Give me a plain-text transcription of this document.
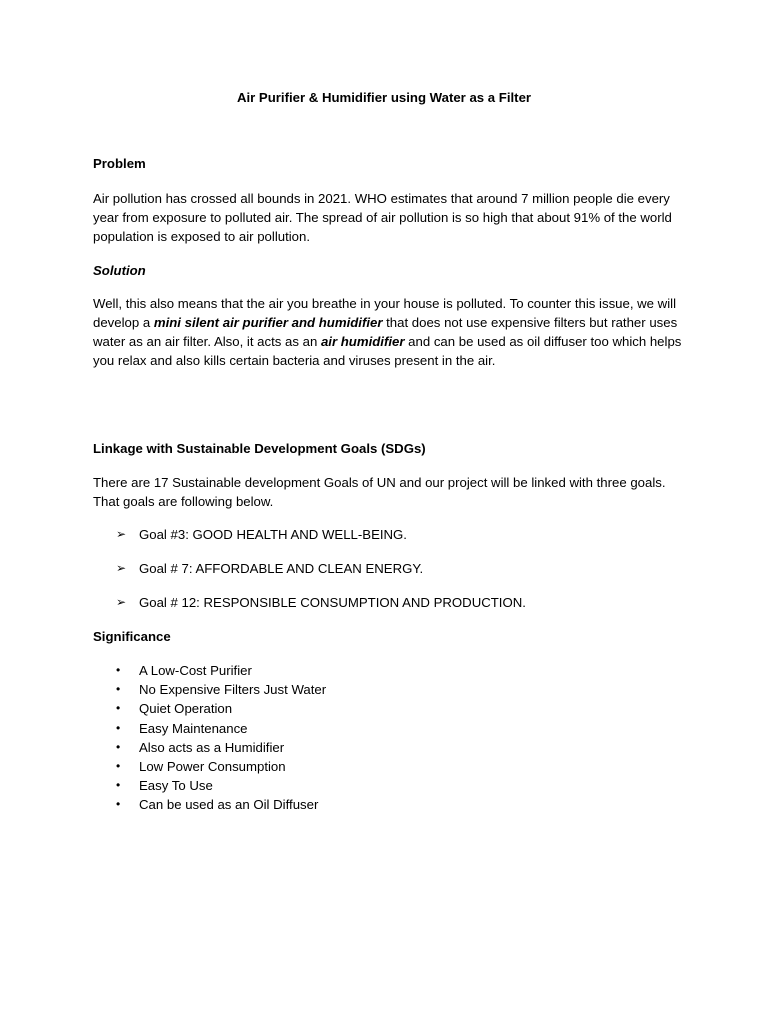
Air Purifier & Humidifier using Water as a Filter
Problem

Air pollution has crossed all bounds in 2021. WHO estimates that around 7 million people die every year from exposure to polluted air. The spread of air pollution is so high that about 91% of the world population is exposed to air pollution.

Solution

Well, this also means that the air you breathe in your house is polluted. To counter this issue, we will develop a mini silent air purifier and humidifier that does not use expensive filters but rather uses water as an air filter. Also, it acts as an air humidifier and can be used as oil diffuser too which helps you relax and also kills certain bacteria and viruses present in the air.

Linkage with Sustainable Development Goals (SDGs)

There are 17 Sustainable development Goals of UN and our project will be linked with three goals. That goals are following below.

➢ Goal #3: GOOD HEALTH AND WELL-BEING.
➢ Goal # 7: AFFORDABLE AND CLEAN ENERGY.
➢ Goal # 12: RESPONSIBLE CONSUMPTION AND PRODUCTION.
Significance
•	A Low-Cost Purifier
•	No Expensive Filters Just Water
•	Quiet Operation
•	Easy Maintenance
•	Also acts as a Humidifier
•	Low Power Consumption
•	Easy To Use
•	Can be used as an Oil Diffuser
